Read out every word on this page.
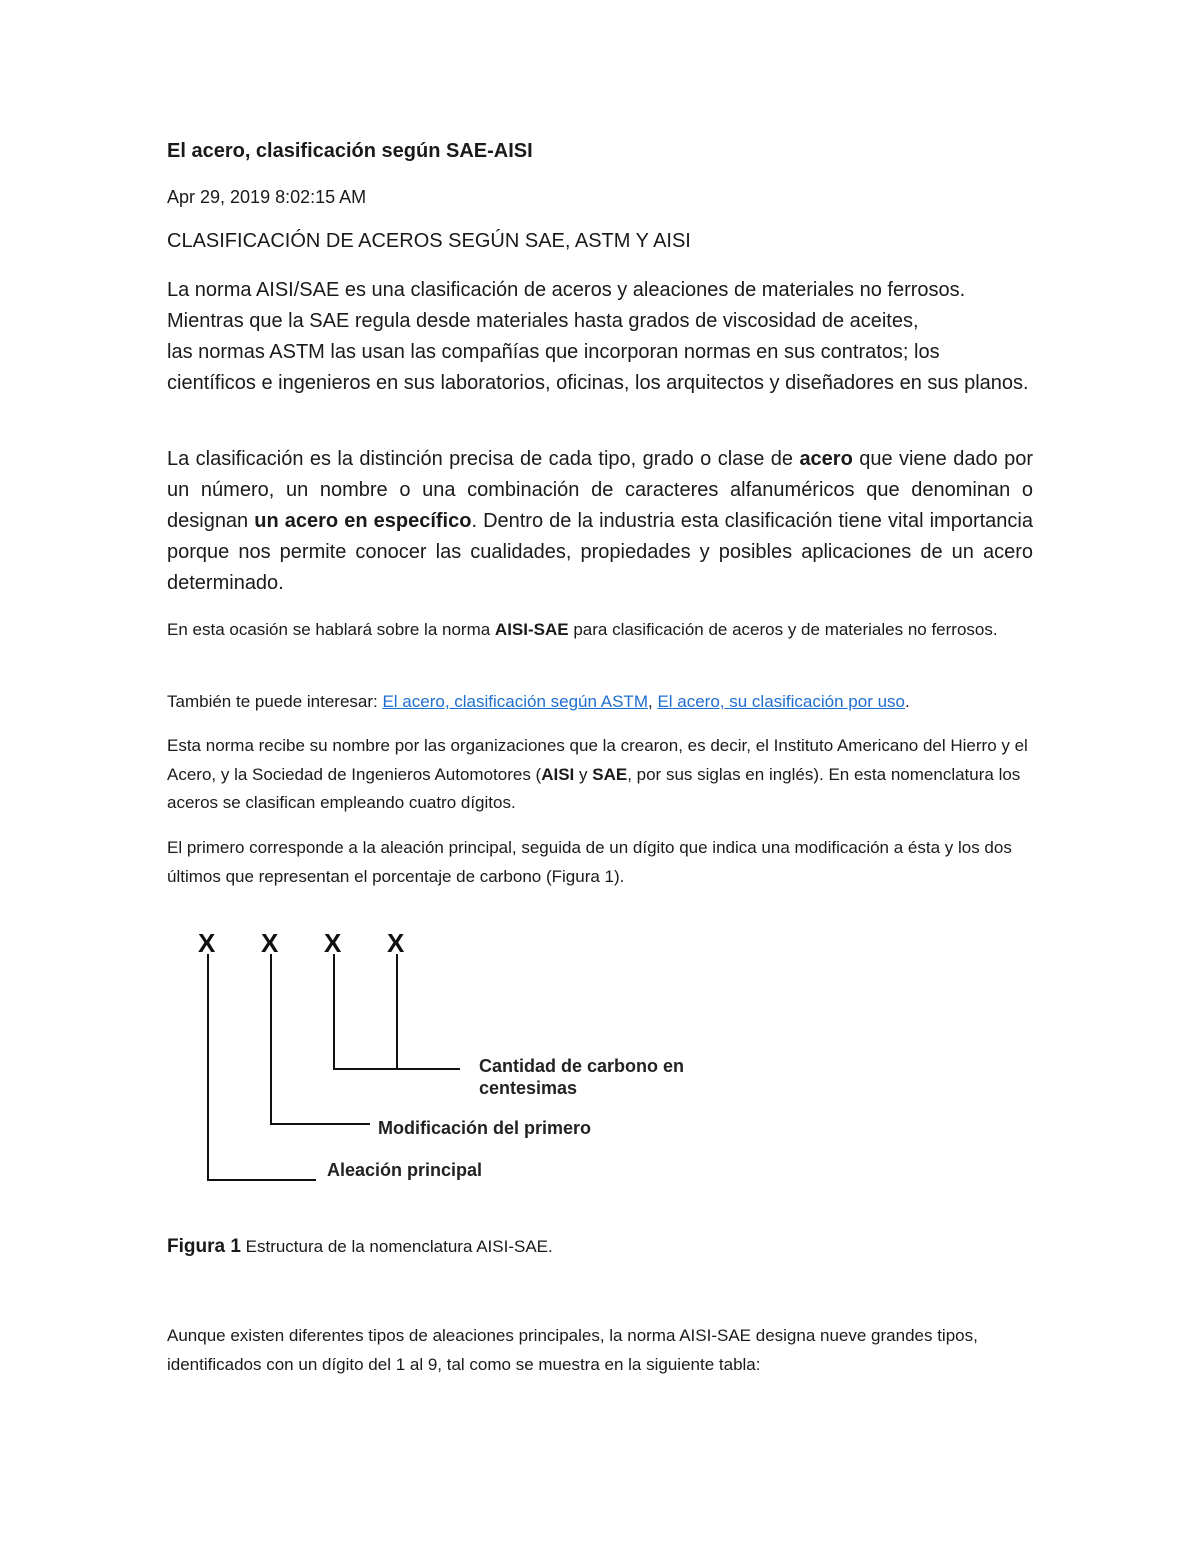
El acero, clasificación según SAE-AISI
Apr 29, 2019 8:02:15 AM
CLASIFICACIÓN DE ACEROS SEGÚN SAE, ASTM Y AISI
La norma AISI/SAE es una clasificación de aceros y aleaciones de materiales no ferrosos.
Mientras que la SAE regula desde materiales hasta grados de viscosidad de aceites,
las normas ASTM las usan las compañías que incorporan normas en sus contratos; los científicos e ingenieros en sus laboratorios, oficinas, los arquitectos y diseñadores en sus planos.
La clasificación es la distinción precisa de cada tipo, grado o clase de acero que viene dado por un número, un nombre o una combinación de caracteres alfanuméricos que denominan o designan un acero en específico. Dentro de la industria esta clasificación tiene vital importancia porque nos permite conocer las cualidades, propiedades y posibles aplicaciones de un acero determinado.
En esta ocasión se hablará sobre la norma AISI-SAE para clasificación de aceros y de materiales no ferrosos.
También te puede interesar: El acero, clasificación según ASTM, El acero, su clasificación por uso.
Esta norma recibe su nombre por las organizaciones que la crearon, es decir, el Instituto Americano del Hierro y el Acero, y la Sociedad de Ingenieros Automotores (AISI y SAE, por sus siglas en inglés). En esta nomenclatura los aceros se clasifican empleando cuatro dígitos.
El primero corresponde a la aleación principal, seguida de un dígito que indica una modificación a ésta y los dos últimos que representan el porcentaje de carbono (Figura 1).
X X X X
Cantidad de carbono en
centesimas
Modificación del primero
Aleación principal
Figura 1 Estructura de la nomenclatura AISI-SAE.
Aunque existen diferentes tipos de aleaciones principales, la norma AISI-SAE designa nueve grandes tipos, identificados con un dígito del 1 al 9, tal como se muestra en la siguiente tabla:
